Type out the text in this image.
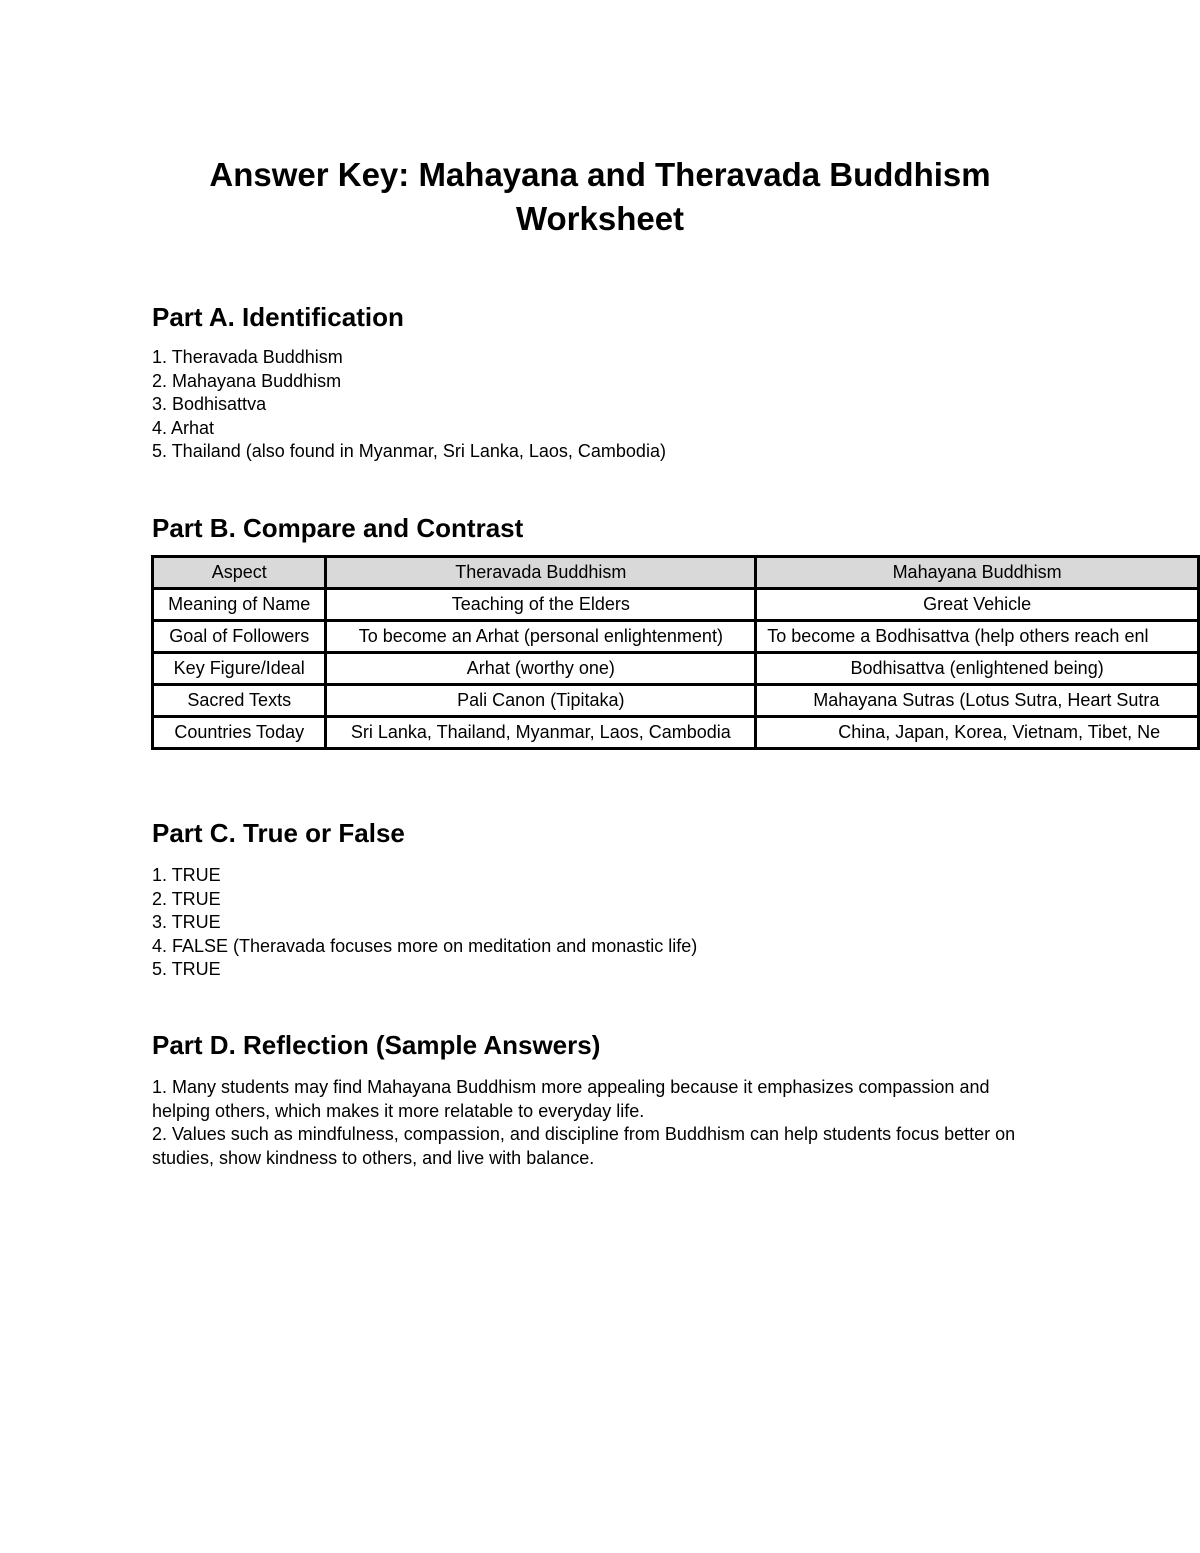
Answer Key: Mahayana and Theravada Buddhism
Worksheet
Part A. Identification
1. Theravada Buddhism
2. Mahayana Buddhism
3. Bodhisattva
4. Arhat
5. Thailand (also found in Myanmar, Sri Lanka, Laos, Cambodia)
Part B. Compare and Contrast
Aspect	Theravada Buddhism	Mahayana Buddhism
Meaning of Name	Teaching of the Elders	Great Vehicle
Goal of Followers	To become an Arhat (personal enlightenment)	To become a Bodhisattva (help others reach enl
Key Figure/Ideal	Arhat (worthy one)	Bodhisattva (enlightened being)
Sacred Texts	Pali Canon (Tipitaka)	Mahayana Sutras (Lotus Sutra, Heart Sutra
Countries Today	Sri Lanka, Thailand, Myanmar, Laos, Cambodia	China, Japan, Korea, Vietnam, Tibet, Ne
Part C. True or False
1. TRUE
2. TRUE
3. TRUE
4. FALSE (Theravada focuses more on meditation and monastic life)
5. TRUE
Part D. Reflection (Sample Answers)

1. Many students may find Mahayana Buddhism more appealing because it emphasizes compassion and helping others, which makes it more relatable to everyday life.

2. Values such as mindfulness, compassion, and discipline from Buddhism can help students focus better on studies, show kindness to others, and live with balance.
